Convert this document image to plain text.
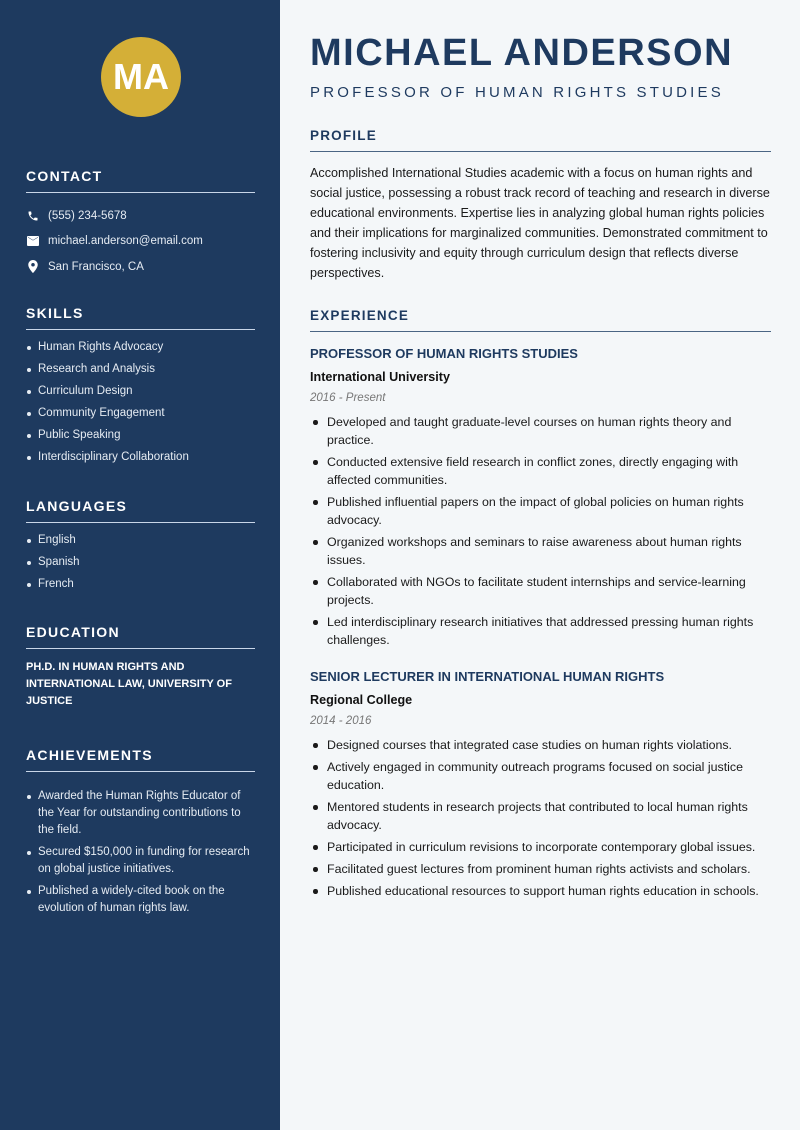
MA
CONTACT
(555) 234-5678
michael.anderson@email.com
San Francisco, CA
SKILLS
Human Rights Advocacy
Research and Analysis
Curriculum Design
Community Engagement
Public Speaking
Interdisciplinary Collaboration
LANGUAGES
English
Spanish
French
EDUCATION
PH.D. IN HUMAN RIGHTS AND INTERNATIONAL LAW, UNIVERSITY OF JUSTICE
ACHIEVEMENTS
Awarded the Human Rights Educator of the Year for outstanding contributions to the field.
Secured $150,000 in funding for research on global justice initiatives.
Published a widely-cited book on the evolution of human rights law.
MICHAEL ANDERSON
PROFESSOR OF HUMAN RIGHTS STUDIES
PROFILE
Accomplished International Studies academic with a focus on human rights and social justice, possessing a robust track record of teaching and research in diverse educational environments. Expertise lies in analyzing global human rights policies and their implications for marginalized communities. Demonstrated commitment to fostering inclusivity and equity through curriculum design that reflects diverse perspectives.
EXPERIENCE
PROFESSOR OF HUMAN RIGHTS STUDIES
International University
2016 - Present
Developed and taught graduate-level courses on human rights theory and practice.
Conducted extensive field research in conflict zones, directly engaging with affected communities.
Published influential papers on the impact of global policies on human rights advocacy.
Organized workshops and seminars to raise awareness about human rights issues.
Collaborated with NGOs to facilitate student internships and service-learning projects.
Led interdisciplinary research initiatives that addressed pressing human rights challenges.
SENIOR LECTURER IN INTERNATIONAL HUMAN RIGHTS
Regional College
2014 - 2016
Designed courses that integrated case studies on human rights violations.
Actively engaged in community outreach programs focused on social justice education.
Mentored students in research projects that contributed to local human rights advocacy.
Participated in curriculum revisions to incorporate contemporary global issues.
Facilitated guest lectures from prominent human rights activists and scholars.
Published educational resources to support human rights education in schools.
